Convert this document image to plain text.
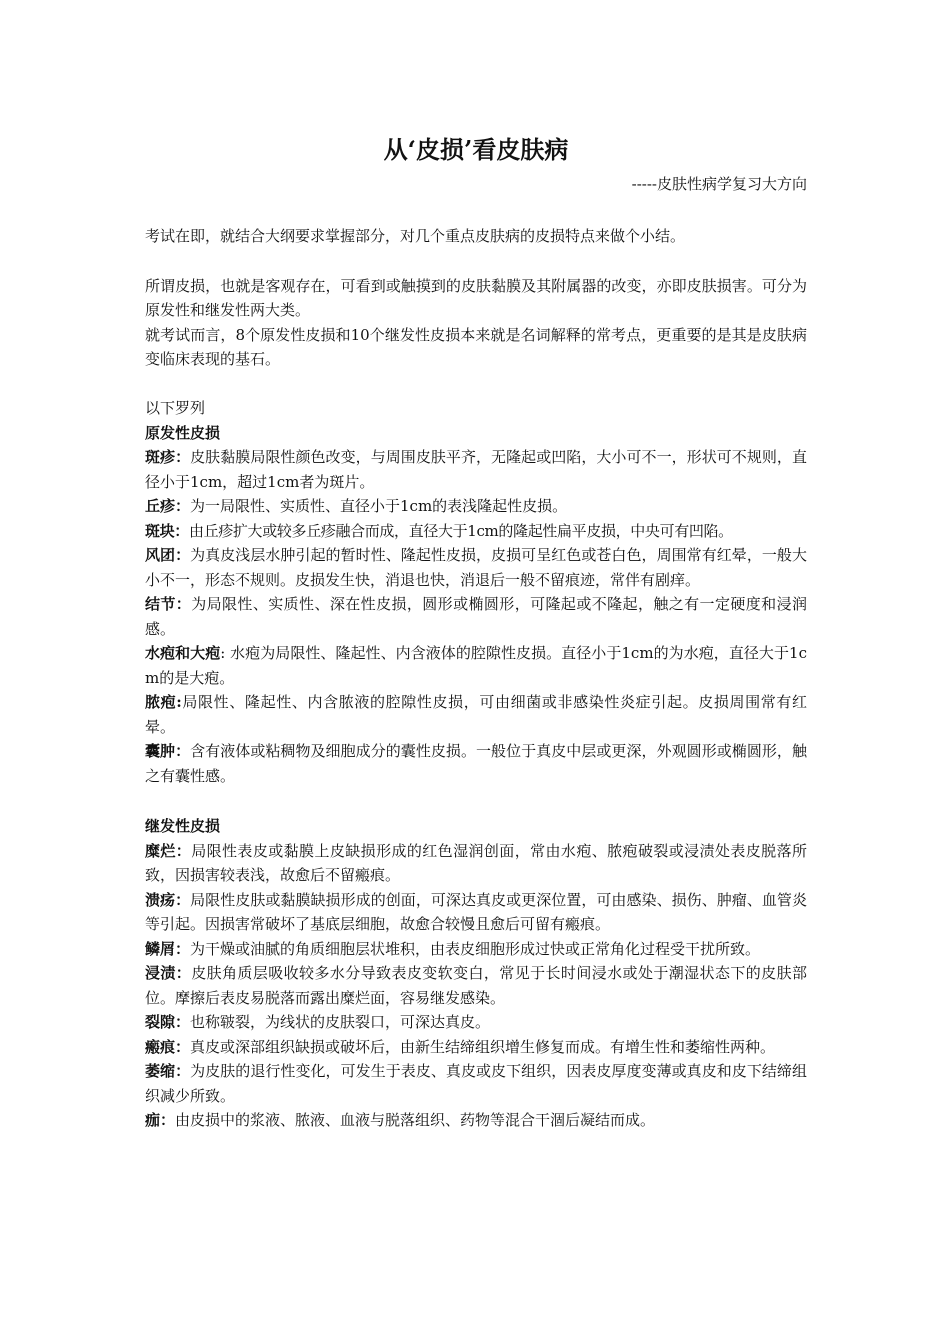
从‘皮损’看皮肤病

-----皮肤性病学复习大方向

考试在即，就结合大纲要求掌握部分，对几个重点皮肤病的皮损特点来做个小结。

所谓皮损，也就是客观存在，可看到或触摸到的皮肤黏膜及其附属器的改变，亦即皮肤损害。可分为原发性和继发性两大类。

就考试而言，8个原发性皮损和10个继发性皮损本来就是名词解释的常考点，更重要的是其是皮肤病变临床表现的基石。

以下罗列

原发性皮损

斑疹：皮肤黏膜局限性颜色改变，与周围皮肤平齐，无隆起或凹陷，大小可不一，形状可不规则，直径小于1cm，超过1cm者为斑片。

丘疹：为一局限性、实质性、直径小于1cm的表浅隆起性皮损。

斑块：由丘疹扩大或较多丘疹融合而成，直径大于1cm的隆起性扁平皮损，中央可有凹陷。

风团：为真皮浅层水肿引起的暂时性、隆起性皮损，皮损可呈红色或苍白色，周围常有红晕，一般大小不一，形态不规则。皮损发生快，消退也快，消退后一般不留痕迹，常伴有剧痒。

结节：为局限性、实质性、深在性皮损，圆形或椭圆形，可隆起或不隆起，触之有一定硬度和浸润感。

水疱和大疱: 水疱为局限性、隆起性、内含液体的腔隙性皮损。直径小于1cm的为水疱，直径大于1cm的是大疱。

脓疱:局限性、隆起性、内含脓液的腔隙性皮损，可由细菌或非感染性炎症引起。皮损周围常有红晕。

囊肿：含有液体或粘稠物及细胞成分的囊性皮损。一般位于真皮中层或更深，外观圆形或椭圆形，触之有囊性感。

继发性皮损

糜烂：局限性表皮或黏膜上皮缺损形成的红色湿润创面，常由水疱、脓疱破裂或浸渍处表皮脱落所致，因损害较表浅，故愈后不留瘢痕。

溃疡：局限性皮肤或黏膜缺损形成的创面，可深达真皮或更深位置，可由感染、损伤、肿瘤、血管炎等引起。因损害常破坏了基底层细胞，故愈合较慢且愈后可留有瘢痕。

鳞屑：为干燥或油腻的角质细胞层状堆积，由表皮细胞形成过快或正常角化过程受干扰所致。

浸渍：皮肤角质层吸收较多水分导致表皮变软变白，常见于长时间浸水或处于潮湿状态下的皮肤部位。摩擦后表皮易脱落而露出糜烂面，容易继发感染。

裂隙：也称皲裂，为线状的皮肤裂口，可深达真皮。

瘢痕：真皮或深部组织缺损或破坏后，由新生结缔组织增生修复而成。有增生性和萎缩性两种。

萎缩：为皮肤的退行性变化，可发生于表皮、真皮或皮下组织，因表皮厚度变薄或真皮和皮下结缔组织减少所致。

痂：由皮损中的浆液、脓液、血液与脱落组织、药物等混合干涸后凝结而成。
